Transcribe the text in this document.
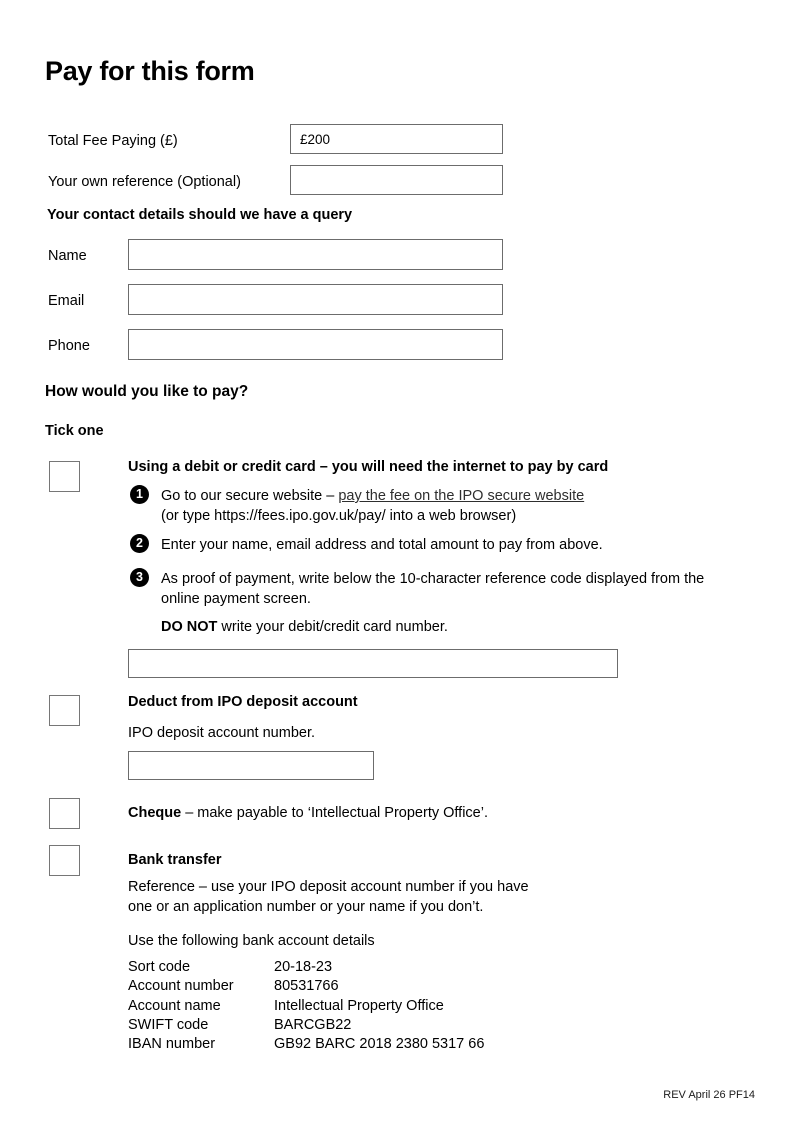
Pay for this form
Total Fee Paying (£)
£200
Your own reference (Optional)
Your contact details should we have a query
Name
Email
Phone
How would you like to pay?
Tick one
Using a debit or credit card – you will need the internet to pay by card
1	Go to our secure website – pay the fee on the IPO secure website
(or type https://fees.ipo.gov.uk/pay/ into a web browser)
2	Enter your name, email address and total amount to pay from above.
3	As proof of payment, write below the 10-character reference code displayed from the online payment screen.
DO NOT write your debit/credit card number.
Deduct from IPO deposit account
IPO deposit account number.
Cheque – make payable to ‘Intellectual Property Office’.
Bank transfer
Reference – use your IPO deposit account number if you have
one or an application number or your name if you don’t.
Use the following bank account details
Sort code	20-18-23
Account number	80531766
Account name	Intellectual Property Office
SWIFT code	BARCGB22
IBAN number	GB92 BARC 2018 2380 5317 66
REV April 26 PF14
